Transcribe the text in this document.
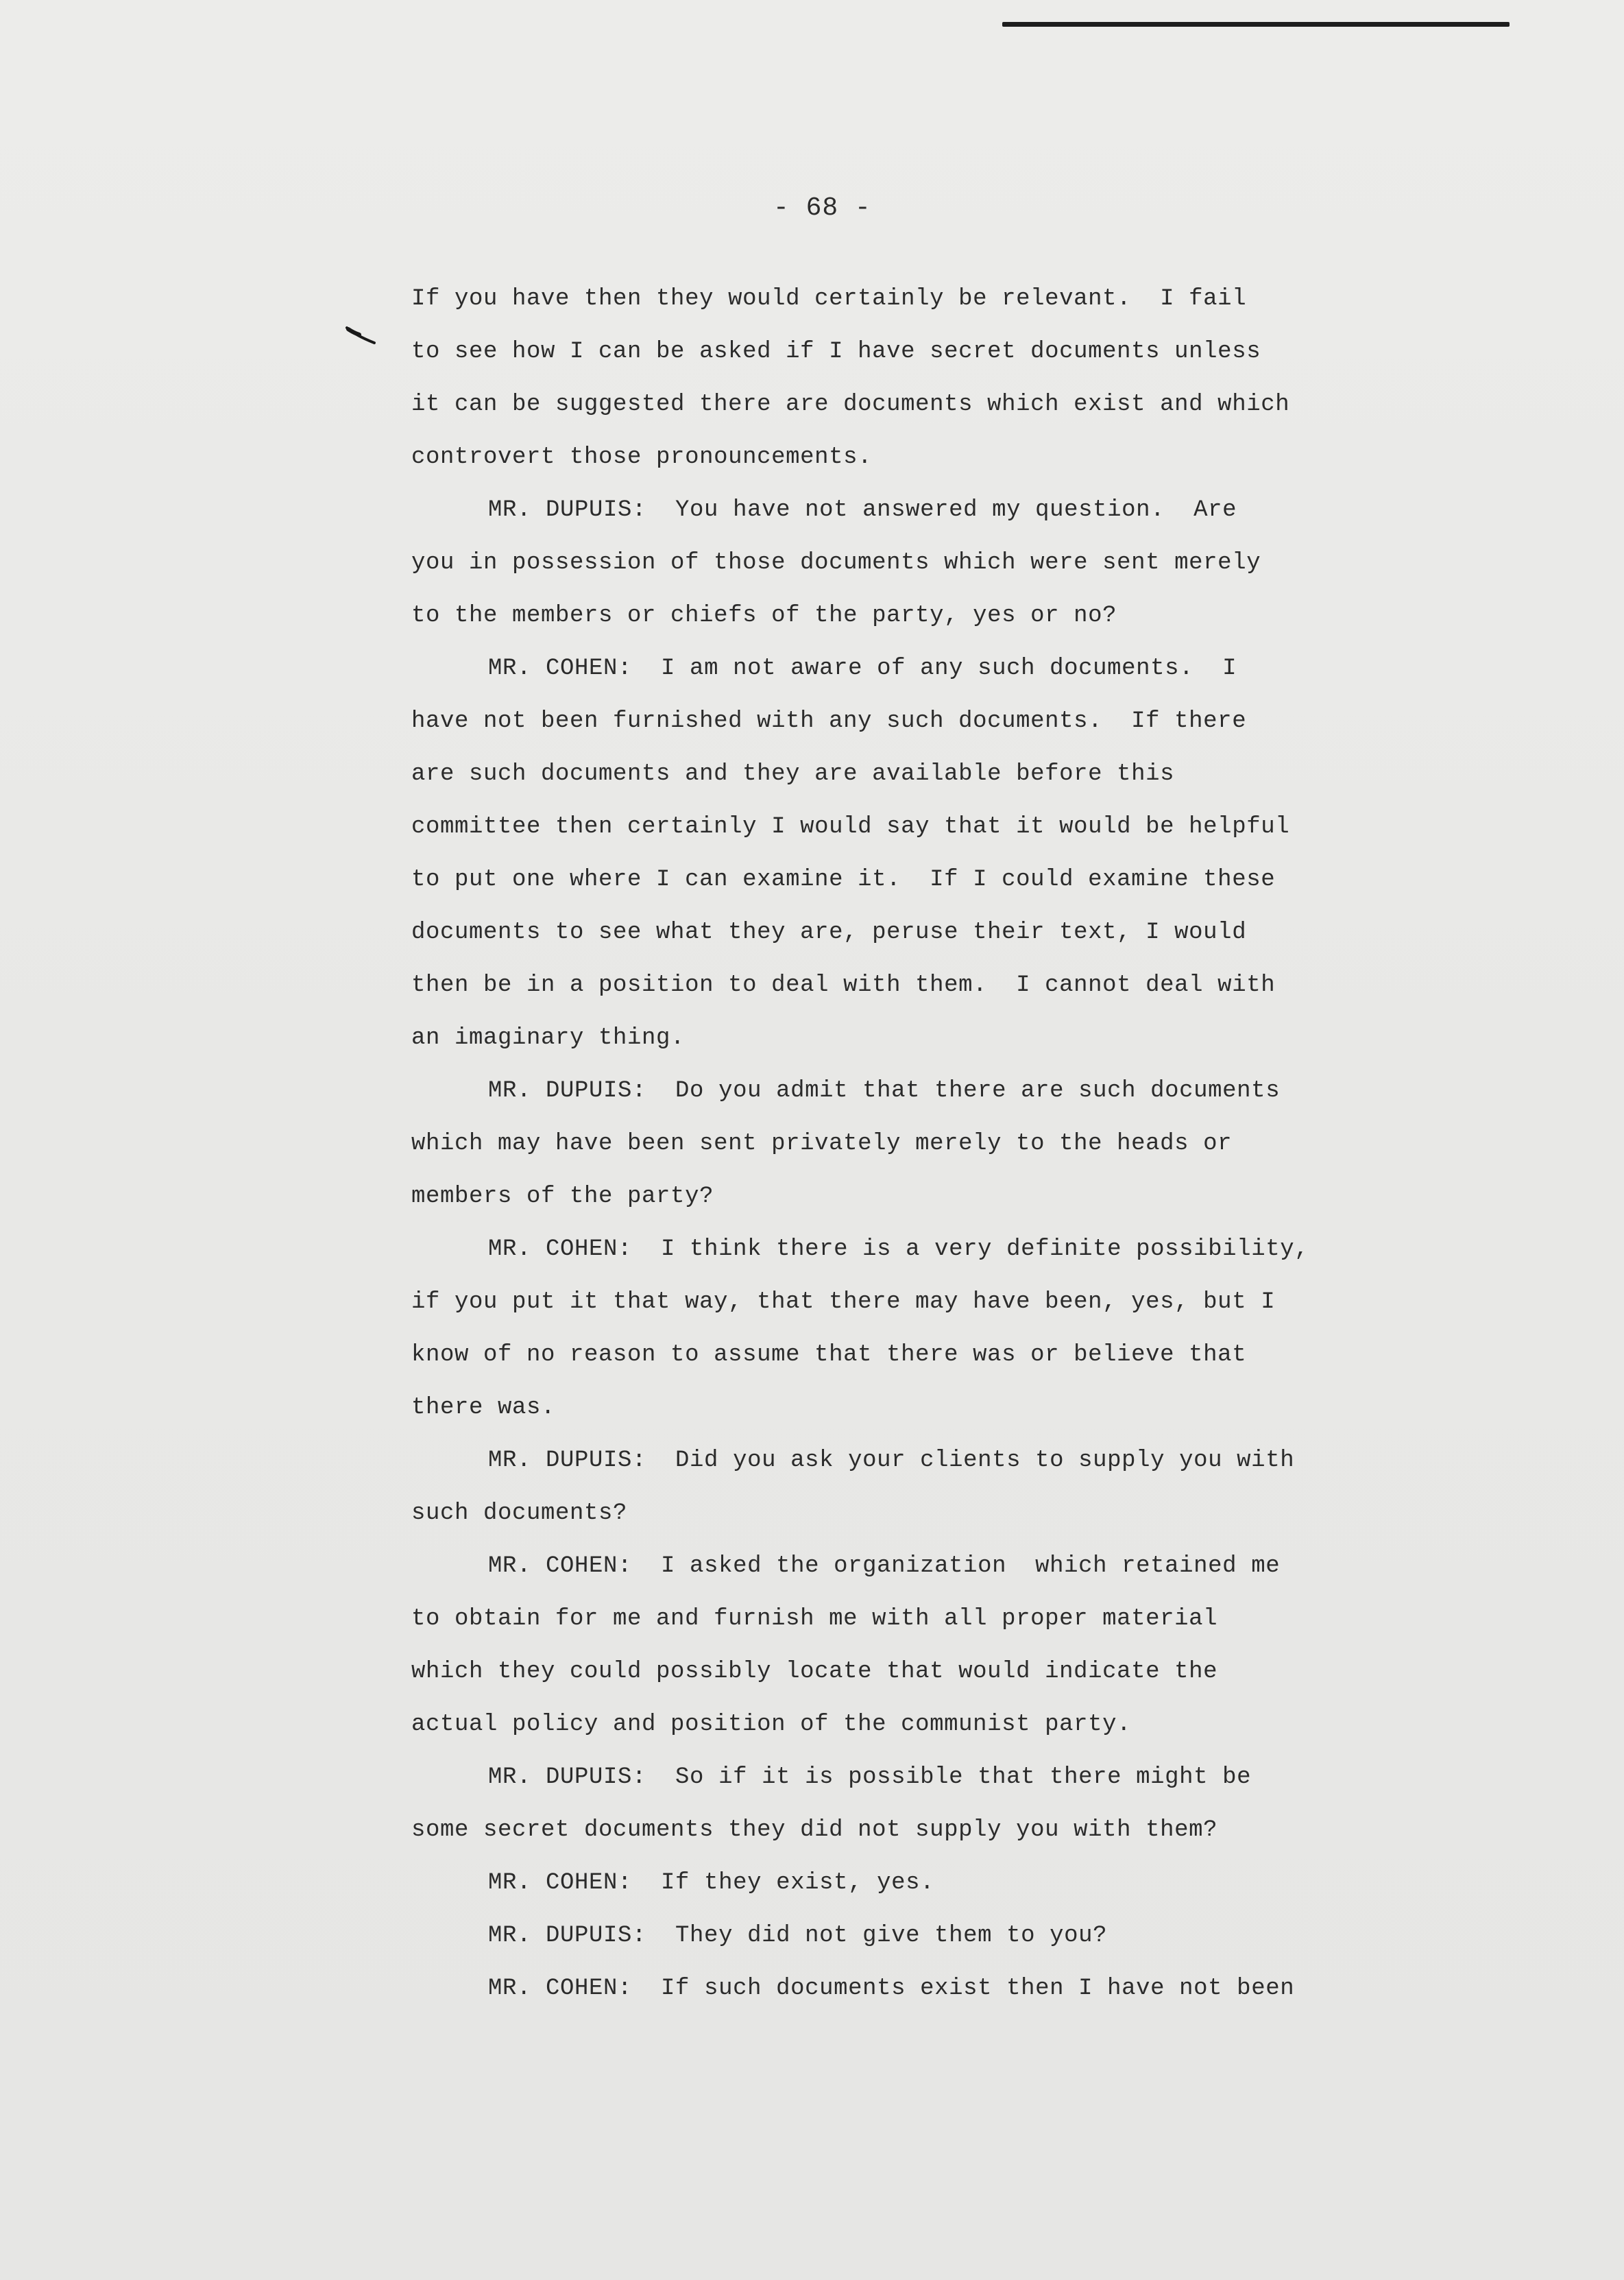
- 68 -
If you have then they would certainly be relevant.  I fail
to see how I can be asked if I have secret documents unless
it can be suggested there are documents which exist and which
controvert those pronouncements.
MR. DUPUIS:  You have not answered my question.  Are
you in possession of those documents which were sent merely
to the members or chiefs of the party, yes or no?
MR. COHEN:  I am not aware of any such documents.  I
have not been furnished with any such documents.  If there
are such documents and they are available before this
committee then certainly I would say that it would be helpful
to put one where I can examine it.  If I could examine these
documents to see what they are, peruse their text, I would
then be in a position to deal with them.  I cannot deal with
an imaginary thing.
MR. DUPUIS:  Do you admit that there are such documents
which may have been sent privately merely to the heads or
members of the party?
MR. COHEN:  I think there is a very definite possibility,
if you put it that way, that there may have been, yes, but I
know of no reason to assume that there was or believe that
there was.
MR. DUPUIS:  Did you ask your clients to supply you with
such documents?
MR. COHEN:  I asked the organization  which retained me
to obtain for me and furnish me with all proper material
which they could possibly locate that would indicate the
actual policy and position of the communist party.
MR. DUPUIS:  So if it is possible that there might be
some secret documents they did not supply you with them?
MR. COHEN:  If they exist, yes.
MR. DUPUIS:  They did not give them to you?
MR. COHEN:  If such documents exist then I have not been
